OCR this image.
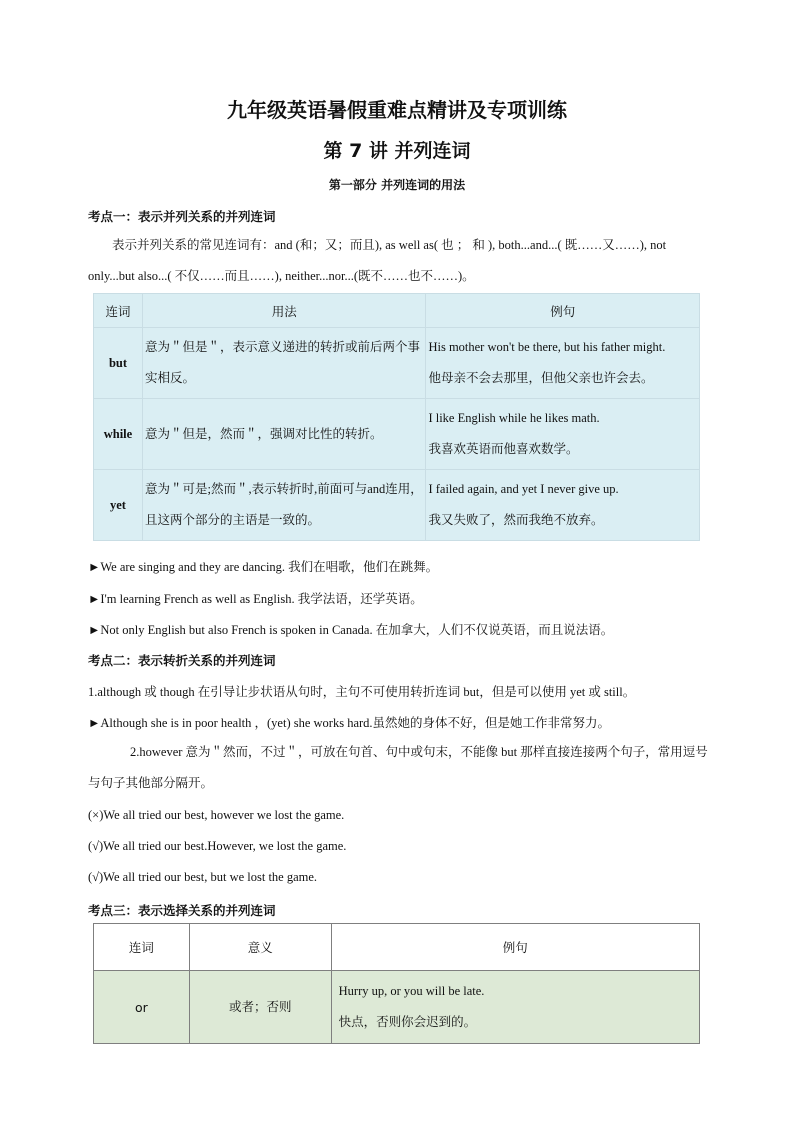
九年级英语暑假重难点精讲及专项训练
第 7 讲 并列连词
第一部分 并列连词的用法
考点一：表示并列关系的并列连词
表示并列关系的常见连词有：and (和；又；而且), as well as( 也 ； 和 ), both...and...( 既……又……), not only...but also...( 不仅……而且……), neither...nor...(既不……也不……)。
连词	用法	例句
but	意为＂但是＂，表示意义递进的转折或前后两个事实相反。	His mother won't be there, but his father might.
他母亲不会去那里，但他父亲也许会去。

while	意为＂但是，然而＂，强调对比性的转折。	I like English while he likes math.
我喜欢英语而他喜欢数学。

yet	意为＂可是;然而＂,表示转折时,前面可与and连用，且这两个部分的主语是一致的。	I failed again, and yet I never give up.
我又失败了，然而我绝不放弃。
►We are singing and they are dancing. 我们在唱歌，他们在跳舞。
►I'm learning French as well as English. 我学法语，还学英语。
►Not only English but also French is spoken in Canada. 在加拿大，人们不仅说英语，而且说法语。
考点二：表示转折关系的并列连词
1.although 或 though 在引导让步状语从句时，主句不可使用转折连词 but，但是可以使用 yet 或 still。
►Although she is in poor health ，(yet) she works hard.虽然她的身体不好，但是她工作非常努力。
2.however 意为＂然而，不过＂，可放在句首、句中或句末，不能像 but 那样直接连接两个句子，常用逗号与句子其他部分隔开。
(×)We all tried our best, however we lost the game.
(√)We all tried our best.However, we lost the game.
(√)We all tried our best, but we lost the game.
考点三：表示选择关系的并列连词
连词	意义	例句
or	或者；否则	Hurry up, or you will be late.
快点，否则你会迟到的。
